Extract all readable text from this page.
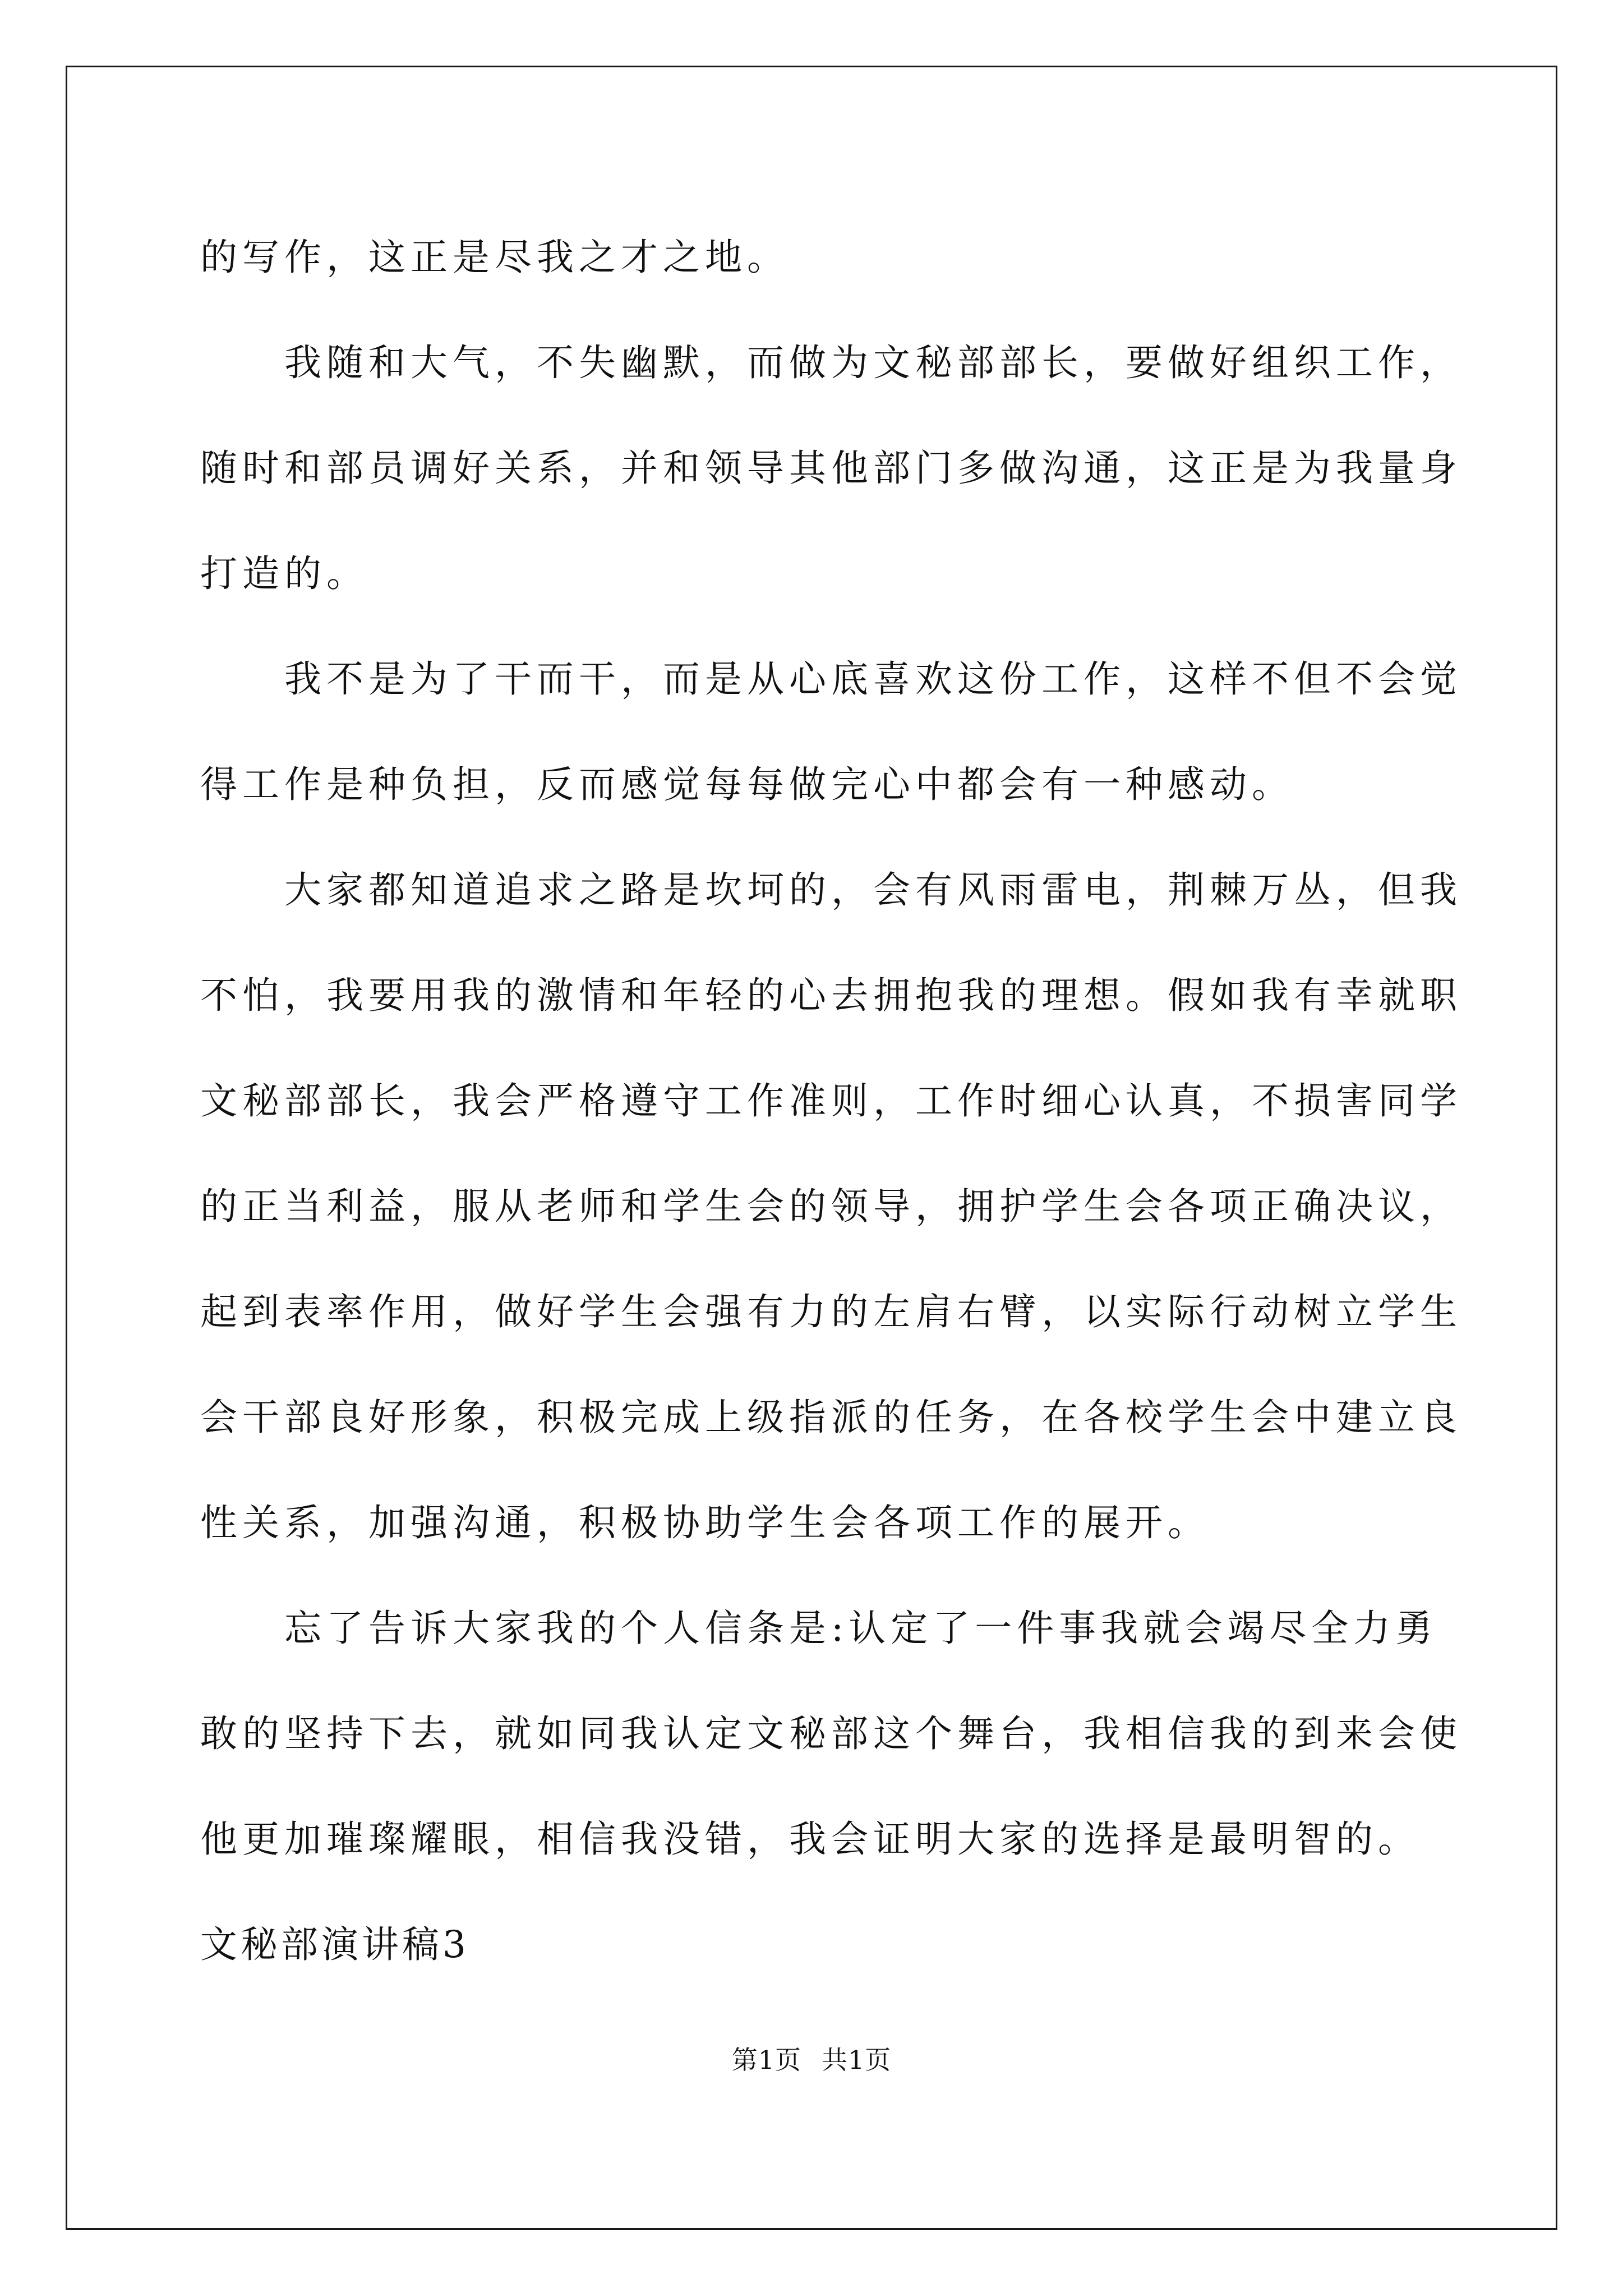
的写作，这正是尽我之才之地。
我随和大气，不失幽默，而做为文秘部部长，要做好组织工作，
随时和部员调好关系，并和领导其他部门多做沟通，这正是为我量身
打造的。
我不是为了干而干，而是从心底喜欢这份工作，这样不但不会觉
得工作是种负担，反而感觉每每做完心中都会有一种感动。
大家都知道追求之路是坎坷的，会有风雨雷电，荆棘万丛，但我
不怕，我要用我的激情和年轻的心去拥抱我的理想。假如我有幸就职
文秘部部长，我会严格遵守工作准则，工作时细心认真，不损害同学
的正当利益，服从老师和学生会的领导，拥护学生会各项正确决议，
起到表率作用，做好学生会强有力的左肩右臂，以实际行动树立学生
会干部良好形象，积极完成上级指派的任务，在各校学生会中建立良
性关系，加强沟通，积极协助学生会各项工作的展开。
忘了告诉大家我的个人信条是:认定了一件事我就会竭尽全力勇
敢的坚持下去，就如同我认定文秘部这个舞台，我相信我的到来会使
他更加璀璨耀眼，相信我没错，我会证明大家的选择是最明智的。
文秘部演讲稿3
第1页 共1页
